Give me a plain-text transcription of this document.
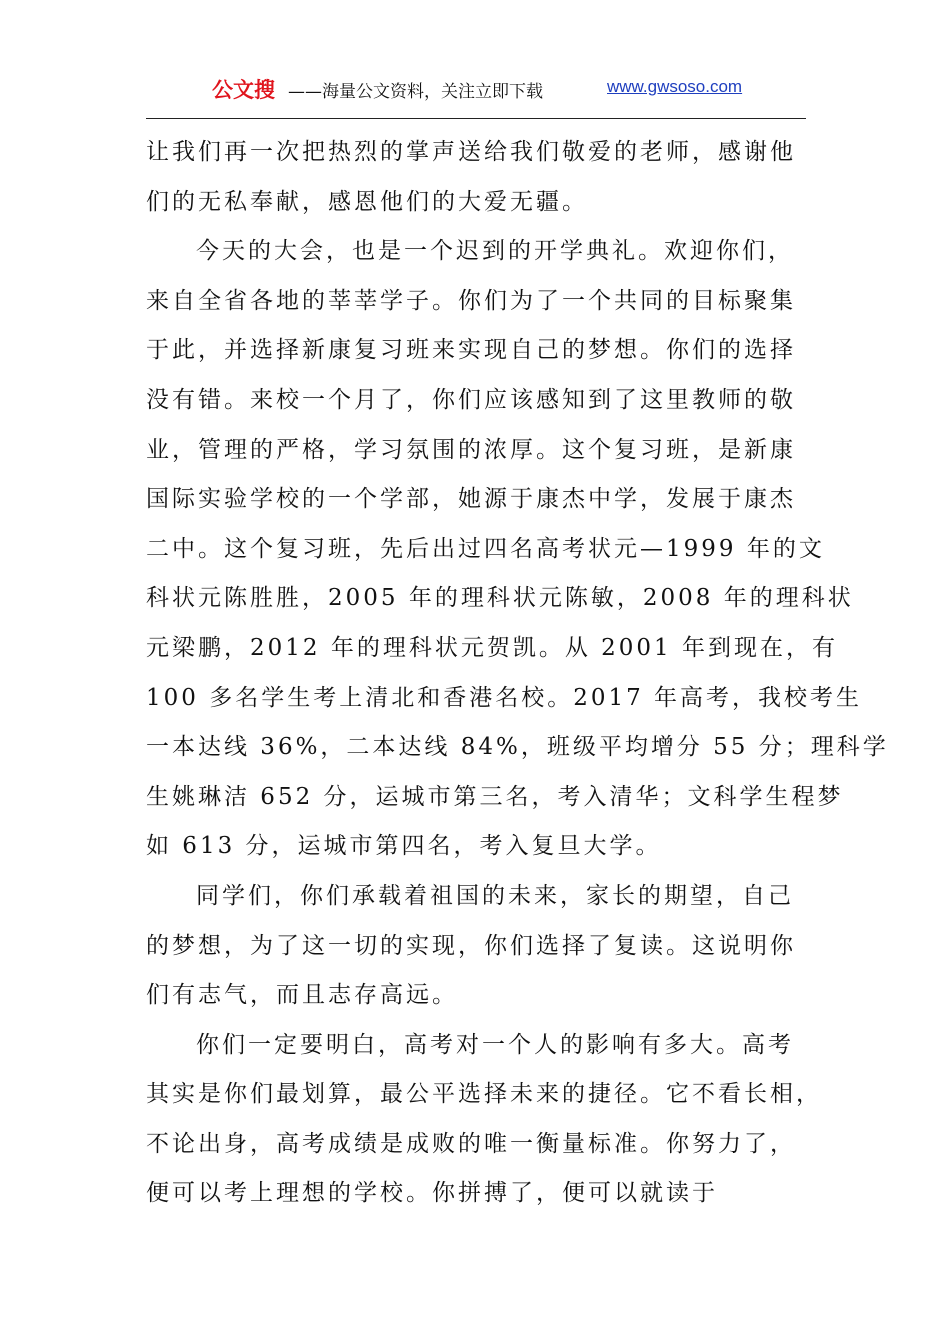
公文搜 ——海量公文资料，关注立即下载	www.gwsoso.com
让我们再一次把热烈的掌声送给我们敬爱的老师，感谢他
们的无私奉献，感恩他们的大爱无疆。
今天的大会，也是一个迟到的开学典礼。欢迎你们，
来自全省各地的莘莘学子。你们为了一个共同的目标聚集
于此，并选择新康复习班来实现自己的梦想。你们的选择
没有错。来校一个月了，你们应该感知到了这里教师的敬
业，管理的严格，学习氛围的浓厚。这个复习班，是新康
国际实验学校的一个学部，她源于康杰中学，发展于康杰
二中。这个复习班，先后出过四名高考状元—1999 年的文
科状元陈胜胜，2005 年的理科状元陈敏，2008 年的理科状
元梁鹏，2012 年的理科状元贺凯。从 2001 年到现在，有
100 多名学生考上清北和香港名校。2017 年高考，我校考生
一本达线 36%，二本达线 84%，班级平均增分 55 分；理科学
生姚琳洁 652 分，运城市第三名，考入清华；文科学生程梦
如 613 分，运城市第四名，考入复旦大学。
同学们，你们承载着祖国的未来，家长的期望，自己
的梦想，为了这一切的实现，你们选择了复读。这说明你
们有志气，而且志存高远。
你们一定要明白，高考对一个人的影响有多大。高考
其实是你们最划算，最公平选择未来的捷径。它不看长相，
不论出身，高考成绩是成败的唯一衡量标准。你努力了，
便可以考上理想的学校。你拼搏了，便可以就读于
